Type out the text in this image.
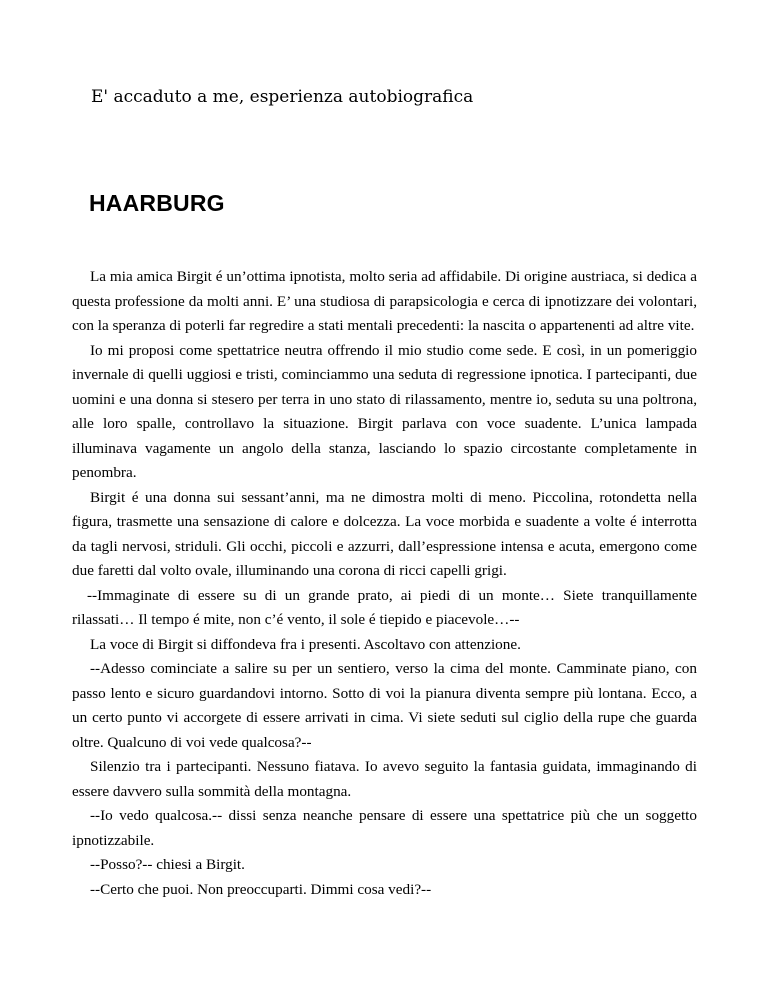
E' accaduto a me, esperienza autobiografica
HAARBURG

La mia amica Birgit é un’ottima ipnotista, molto seria ad affidabile. Di origine austriaca, si dedica a questa professione da molti anni. E’ una studiosa di parapsicologia e cerca di ipnotizzare dei volontari, con la speranza di poterli far regredire a stati mentali precedenti: la nascita o appartenenti ad altre vite.

Io mi proposi come spettatrice neutra offrendo il mio studio come sede. E così, in un pomeriggio invernale di quelli uggiosi e tristi, cominciammo una seduta di regressione ipnotica. I partecipanti, due uomini e una donna si stesero per terra in uno stato di rilassamento, mentre io, seduta su una poltrona, alle loro spalle, controllavo la situazione. Birgit parlava con voce suadente. L’unica lampada illuminava vagamente un angolo della stanza, lasciando lo spazio circostante completamente in penombra.

Birgit é una donna sui sessant’anni, ma ne dimostra molti di meno. Piccolina, rotondetta nella figura, trasmette una sensazione di calore e dolcezza. La voce morbida e suadente a volte é interrotta da tagli nervosi, striduli. Gli occhi, piccoli e azzurri, dall’espressione intensa e acuta, emergono come due faretti dal volto ovale, illuminando una corona di ricci capelli grigi.

--Immaginate di essere su di un grande prato, ai piedi di un monte… Siete tranquillamente rilassati… Il tempo é mite, non c’é vento, il sole é tiepido e piacevole…--

La voce di Birgit si diffondeva fra i presenti. Ascoltavo con attenzione.

--Adesso cominciate a salire su per un sentiero, verso la cima del monte. Camminate piano, con passo lento e sicuro guardandovi intorno. Sotto di voi la pianura diventa sempre più lontana. Ecco, a un certo punto vi accorgete di essere arrivati in cima. Vi siete seduti sul ciglio della rupe che guarda oltre. Qualcuno di voi vede qualcosa?--

Silenzio tra i partecipanti. Nessuno fiatava. Io avevo seguito la fantasia guidata, immaginando di essere davvero sulla sommità della montagna.

--Io vedo qualcosa.-- dissi senza neanche pensare di essere una spettatrice più che un soggetto ipnotizzabile.

--Posso?-- chiesi a Birgit.

--Certo che puoi. Non preoccuparti. Dimmi cosa vedi?--
